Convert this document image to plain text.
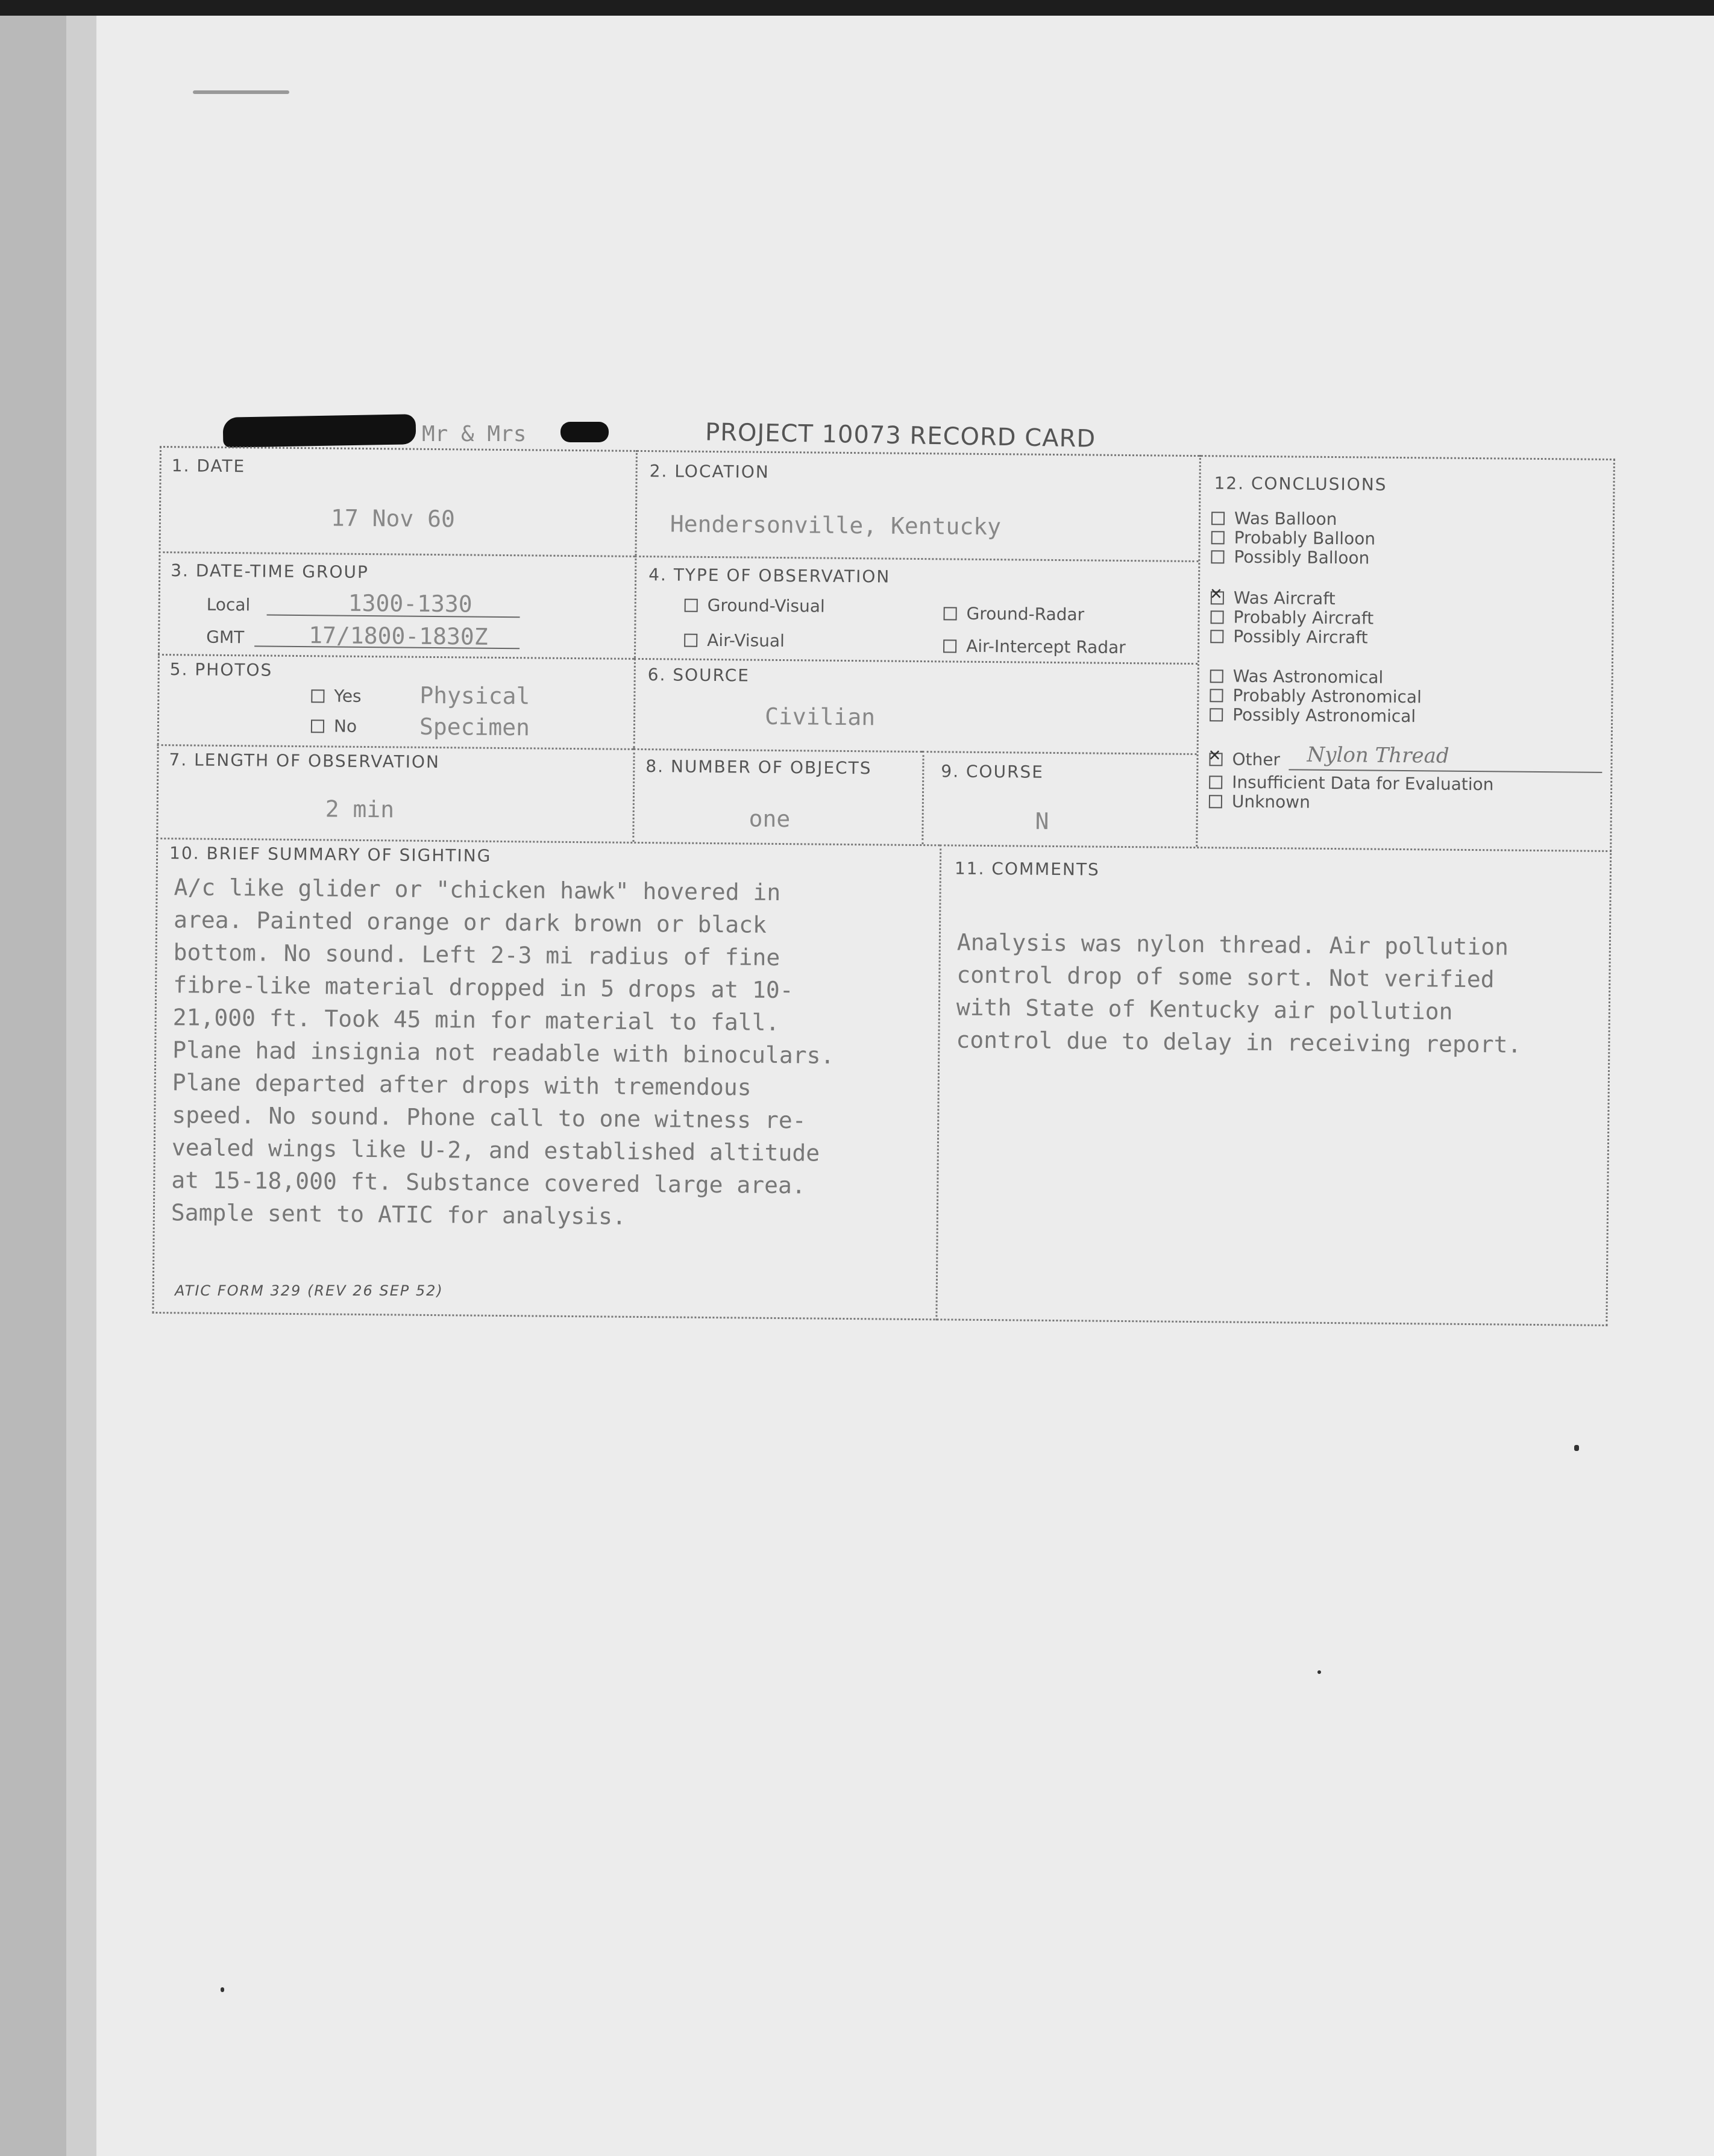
Mr & Mrs	PROJECT 10073 RECORD CARD
1. DATE
17 Nov 60
2. LOCATION
Hendersonville, Kentucky
3. DATE-TIME GROUP
Local	1300-1330
GMT	17/1800-1830Z
4. TYPE OF OBSERVATION
Ground-Visual	Ground-Radar
Air-Visual	Air-Intercept Radar
5. PHOTOS
Yes
No
Physical
Specimen
6. SOURCE
Civilian
7. LENGTH OF OBSERVATION
2 min
8. NUMBER OF OBJECTS
one
9. COURSE
N
10. BRIEF SUMMARY OF SIGHTING
11. COMMENTS
A/c like glider or "chicken hawk" hovered in
area. Painted orange or dark brown or black
bottom. No sound. Left 2-3 mi radius of fine
fibre-like material dropped in 5 drops at 10-
21,000 ft. Took 45 min for material to fall.
Plane had insignia not readable with binoculars.
Plane departed after drops with tremendous
speed. No sound. Phone call to one witness re-
vealed wings like U-2, and established altitude
at 15-18,000 ft. Substance covered large area.
Sample sent to ATIC for analysis.
Analysis was nylon thread. Air pollution
control drop of some sort. Not verified
with State of Kentucky air pollution
control due to delay in receiving report.
12. CONCLUSIONS
Was Balloon
Probably Balloon
Possibly Balloon
✕ Was Aircraft
Probably Aircraft
Possibly Aircraft
Was Astronomical
Probably Astronomical
Possibly Astronomical
✕ Other Nylon Thread
Insufficient Data for Evaluation
Unknown
ATIC FORM 329 (REV 26 SEP 52)
